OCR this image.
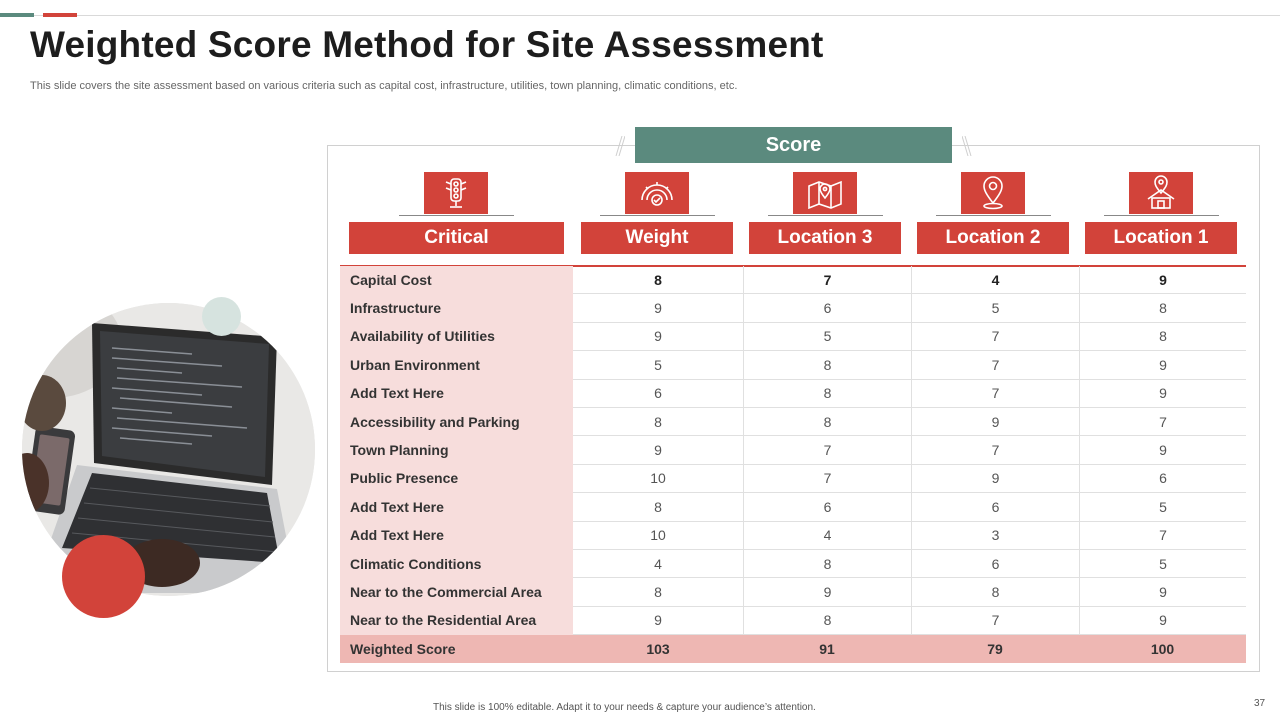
Weighted Score Method for Site Assessment

This slide covers the site assessment based on various criteria such as capital cost, infrastructure, utilities, town planning, climatic conditions, etc.

Score
Critical	Weight	Location 3	Location 2	Location 1
Capital Cost	8	7	4	9
Infrastructure	9	6	5	8
Availability of Utilities	9	5	7	8
Urban Environment	5	8	7	9
Add Text Here	6	8	7	9
Accessibility and Parking	8	8	9	7
Town Planning	9	7	7	9
Public Presence	10	7	9	6
Add Text Here	8	6	6	5
Add Text Here	10	4	3	7
Climatic Conditions	4	8	6	5
Near to the Commercial Area	8	9	8	9
Near to the Residential Area	9	8	7	9
Weighted Score	103	91	79	100
This slide is 100% editable. Adapt it to your needs & capture your audience’s attention.	37
